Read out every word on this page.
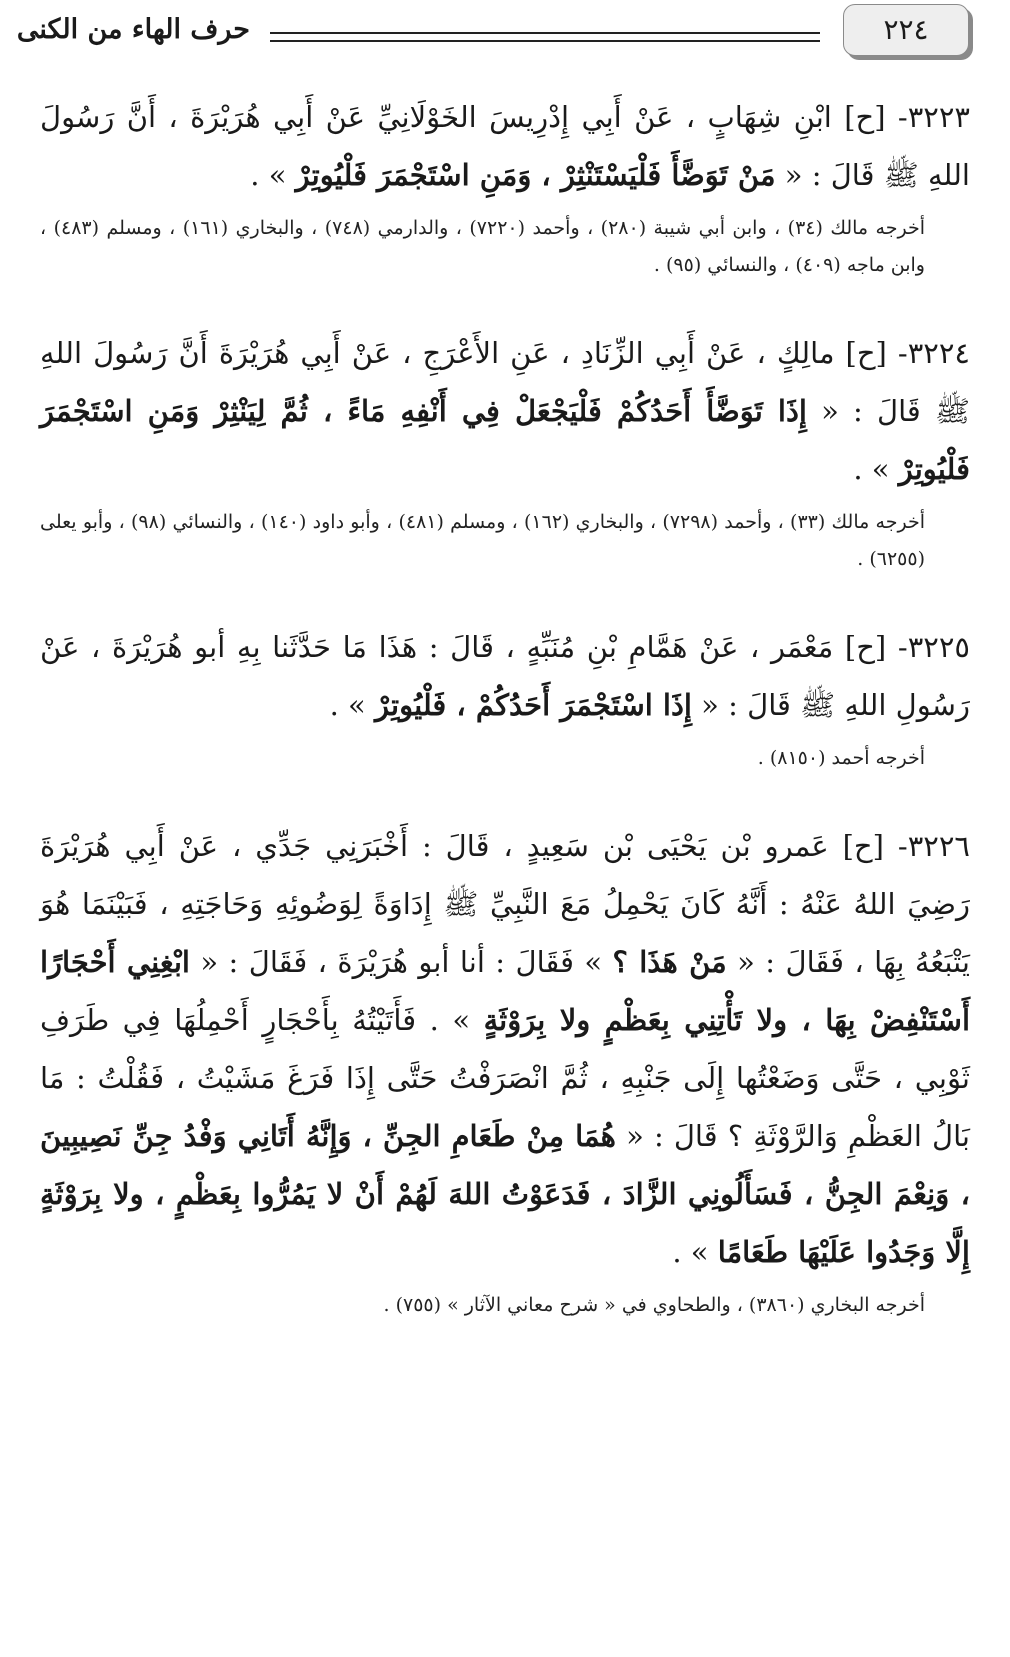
٢٢٤
حرف الهاء من الكنى

٣٢٢٣- [ح] ابْنِ شِهَابٍ ، عَنْ أَبِي إِدْرِيسَ الخَوْلَانِيِّ عَنْ أَبِي هُرَيْرَةَ ، أَنَّ رَسُولَ اللهِ ﷺ قَالَ : « مَنْ تَوَضَّأَ فَلْيَسْتَنْثِرْ ، وَمَنِ اسْتَجْمَرَ فَلْيُوتِرْ » .

أخرجه مالك (٣٤) ، وابن أبي شيبة (٢٨٠) ، وأحمد (٧٢٢٠) ، والدارمي (٧٤٨) ، والبخاري (١٦١) ، ومسلم (٤٨٣) ، وابن ماجه (٤٠٩) ، والنسائي (٩٥) .

٣٢٢٤- [ح] مالِكٍ ، عَنْ أَبِي الزِّنَادِ ، عَنِ الأَعْرَجِ ، عَنْ أَبِي هُرَيْرَةَ أَنَّ رَسُولَ اللهِ ﷺ قَالَ : « إِذَا تَوَضَّأَ أَحَدُكُمْ فَلْيَجْعَلْ فِي أَنْفِهِ مَاءً ، ثُمَّ لِيَنْثِرْ وَمَنِ اسْتَجْمَرَ فَلْيُوتِرْ » .

أخرجه مالك (٣٣) ، وأحمد (٧٢٩٨) ، والبخاري (١٦٢) ، ومسلم (٤٨١) ، وأبو داود (١٤٠) ، والنسائي (٩٨) ، وأبو يعلى (٦٢٥٥) .

٣٢٢٥- [ح] مَعْمَر ، عَنْ هَمَّامِ بْنِ مُنَبِّهٍ ، قَالَ : هَذَا مَا حَدَّثَنا بِهِ أبو هُرَيْرَةَ ، عَنْ رَسُولِ اللهِ ﷺ قَالَ : « إِذَا اسْتَجْمَرَ أَحَدُكُمْ ، فَلْيُوتِرْ » .

أخرجه أحمد (٨١٥٠) .

٣٢٢٦- [ح] عَمرو بْن يَحْيَى بْن سَعِيدٍ ، قَالَ : أَخْبَرَنِي جَدِّي ، عَنْ أَبِي هُرَيْرَةَ رَضِيَ اللهُ عَنْهُ : أَنَّهُ كَانَ يَحْمِلُ مَعَ النَّبِيِّ ﷺ إِدَاوَةً لِوَضُوئِهِ وَحَاجَتِهِ ، فَبَيْنَمَا هُوَ يَتْبَعُهُ بِهَا ، فَقَالَ : « مَنْ هَذَا ؟ » فَقَالَ : أنا أبو هُرَيْرَةَ ، فَقَالَ : « ابْغِنِي أَحْجَارًا أَسْتَنْفِضْ بِهَا ، ولا تَأْتِنِي بِعَظْمٍ ولا بِرَوْثَةٍ » . فَأَتَيْتُهُ بِأَحْجَارٍ أَحْمِلُهَا فِي طَرَفِ ثَوْبِي ، حَتَّى وَضَعْتُها إِلَى جَنْبِهِ ، ثُمَّ انْصَرَفْتُ حَتَّى إِذَا فَرَغَ مَشَيْتُ ، فَقُلْتُ : مَا بَالُ العَظْمِ وَالرَّوْثَةِ ؟ قَالَ : « هُمَا مِنْ طَعَامِ الجِنِّ ، وَإِنَّهُ أَتَانِي وَفْدُ جِنِّ نَصِيبِينَ ، وَنِعْمَ الجِنُّ ، فَسَأَلُونِي الزَّادَ ، فَدَعَوْتُ اللهَ لَهُمْ أَنْ لا يَمُرُّوا بِعَظْمٍ ، ولا بِرَوْثَةٍ إِلَّا وَجَدُوا عَلَيْهَا طَعَامًا » .

أخرجه البخاري (٣٨٦٠) ، والطحاوي في « شرح معاني الآثار » (٧٥٥) .
